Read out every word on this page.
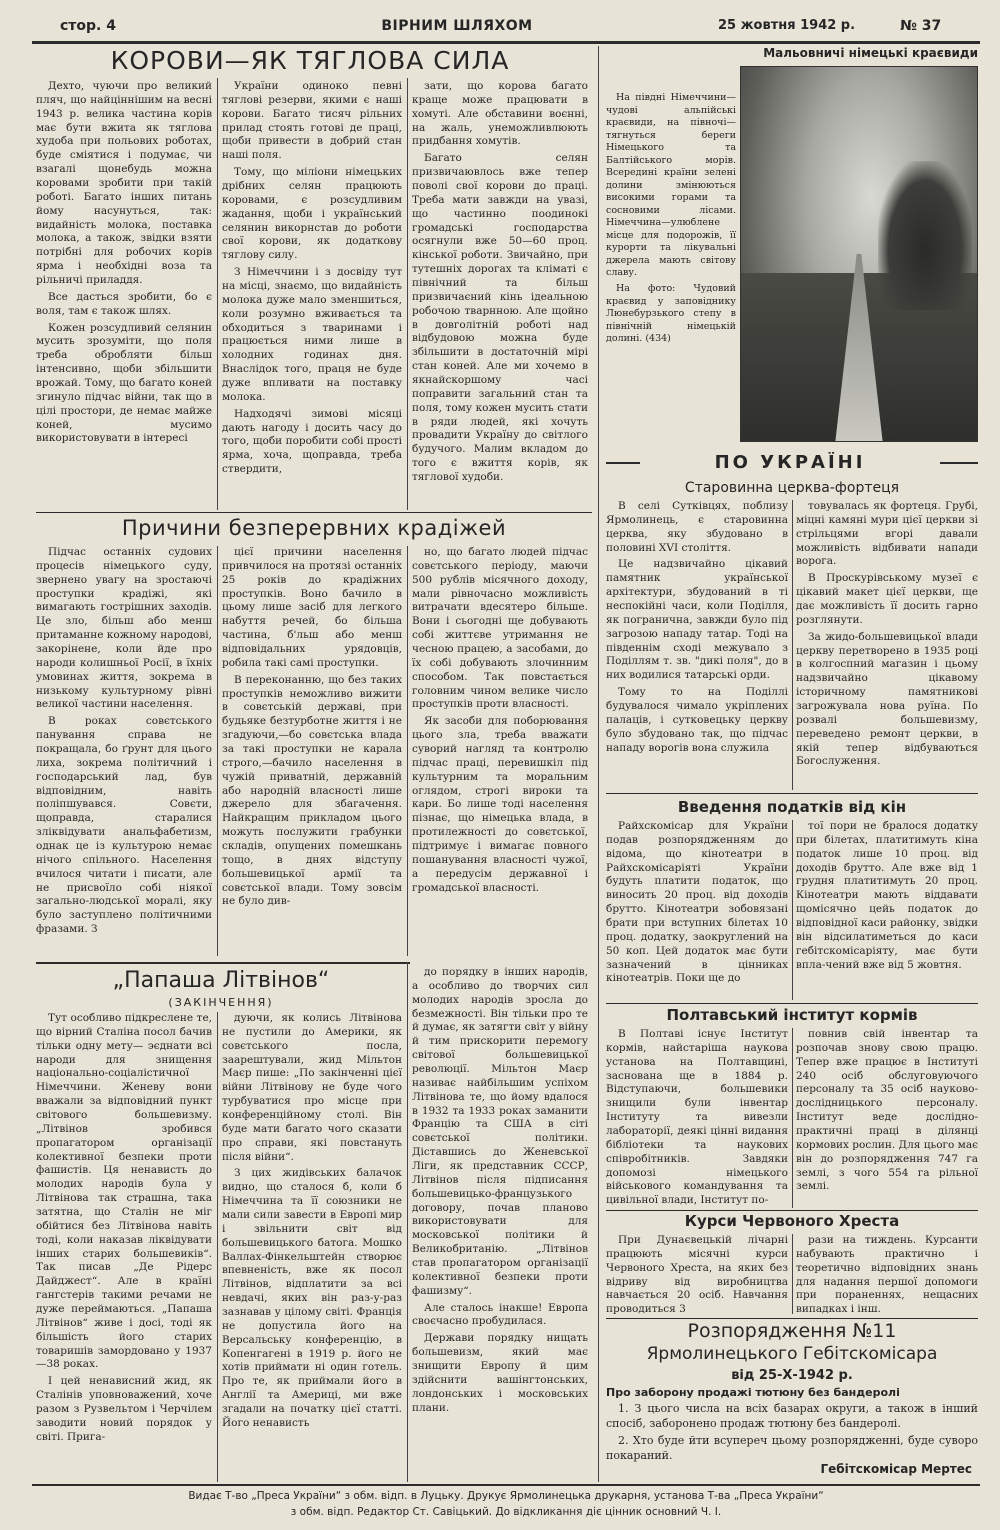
стор. 4	ВІРНИМ ШЛЯХОМ	25 жовтня 1942 р.	№ 37
КОРОВИ—ЯК ТЯГЛОВА СИЛА

Дехто, чуючи про великий пляч, що найціннішим на весні 1943 р. велика частина корів має бути вжита як тяглова худоба при польових роботах, буде сміятися і подумає, чи взагалі щонебудь можна коровами зробити при такій роботі. Багато інших питань йому насунуться, так: видайність молока, поставка молока, а також, звідки взяти потрібні для робочих корів ярма і необхідні воза та рільничі приладдя.

Все дасться зробити, бо є воля, там є також шлях.

Кожен розсудливий селянин мусить зрозуміти, що поля треба обробляти більш інтенсивно, щоби збільшити врожай. Тому, що багато коней згинуло підчас війни, так що в цілі простори, де немає майже коней, мусимо використовувати в інтересі

України одиноко певні тяглові резерви, якими є наші корови. Багато тисяч рільних прилад стоять готові де праці, щоби привести в добрий стан наші поля.

Тому, що міліони німецьких дрібних селян працюють коровами, є розсудливим жадання, щоби і український селянин викорнстав до роботи свої корови, як додаткову тяглову силу.

З Німеччини і з досвіду тут на місці, знаємо, що видайність молока дуже мало зменшиться, коли розумно вживається та обходиться з тваринами і працюється ними лише в холодних годинах дня. Внаслідок того, праця не буде дуже впливати на поставку молока.

Надходячі зимові місяці дають нагоду і досить часу до того, щоби поробити собі прості ярма, хоча, щоправда, треба ствердити,

зати, що корова багато краще може працювати в хомуті. Але обставини воєнні, на жаль, унеможливлюють придбання хомутів.

Багато селян призвичаювлось вже тепер поволі свої корови до праці. Треба мати завжди на увазі, що частинно поодинокі громадські господарства осягнули вже 50—60 проц. кінської роботи. Звичайно, при тутешніх дорогах та кліматі є північний та більш призвичаєний кінь ідеальною робочою тварнною. Але щойно в довголітній роботі над відбудовою можна буде збільшити в достаточній мірі стан коней. Але ми хочемо в якнайскоршому часі поправити загальний стан та поля, тому кожен мусить стати в ряди людей, які хочуть провадити Україну до світлого будучого. Малим вкладом до того є вжиття корів, як тяглової худоби.

Мальовничі німецькі краєвиди

На півдні Німеччини—чудові альпійські краєвиди, на півночі— тягнуться береги Німецького та Балтійського морів. Всередині країни зелені долини змінюються високими горами та сосновими лісами. Німеччина—улюблене місце для подорожів, її курорти та лікувальні джерела мають світову славу.

На фото: Чудовий краєвид у заповіднику Люнебурзького степу в північній німецькій долині. (434)

ПО УКРАЇНІ
Старовинна церква-фортеця

В селі Сутківцях, поблизу Ярмолинець, є старовинна церква, яку збудовано в половині XVI століття.

Це надзвичайно цікавий памятник української архітектури, збудований в ті неспокійні часи, коли Поділля, як погранична, завжди було під загрозою нападу татар. Тоді на південнім сході межувало з Поділлям т. зв. "дикі поля", до в них водилися татарські орди.

Тому то на Поділлі будувалося чимало укріплених палаців, і сутковецьку церкву було збудовано так, що підчас нападу ворогів вона служила

товувалась як фортеця. Грубі, міцні камяні мури цієї церкви зі стрільцями вгорі давали можливість відбивати напади ворога.

В Проскурівському музеї є цікавий макет цієї церкви, ще дає можливість її досить гарно розглянути.

За жидо-большевицької влади церкву перетворено в 1935 році в колгоспний магазин і цьому надзвичайно цікавому історичному памятникові загрожувала нова руїна. По розвалі большевизму, переведено ремонт церкви, в якій тепер відбуваються Богослуження.

Введення податків від кін

Райхскомісар для України подав розпорядженням до відома, що кінотеатри в Райхскомісаріяті України будуть платити податок, що виносить 20 проц. від доходів брутто. Кінотеатри зобовязані брати при вступних білетах 10 проц. додатку, заокруглений на 50 коп. Цей додаток має бути зазначений в цінниках кінотеатрів. Поки ще до

тої пори не бралося додатку при білетах, платитимуть кіна податок лише 10 проц. від доходів брутто. Але вже від 1 грудня платитимуть 20 проц. Кінотеатри мають віддавати щомісячно цейь податок до відповідної каси районку, звідки він відсилатиметься до каси гебітскомісаріяту, має бути впла-чений вже від 5 жовтня.

Полтавський інститут кормів

В Полтаві існує Інститут кормів, найстаріша наукова установа на Полтавщині, заснована ще в 1884 р. Відступаючи, большевики знищили були інвентар Інституту та вивезли лабораторії, деякі цінні видання бібліотеки та наукових співробітників. Завдяки допомозі німецького військового командування та цивільної влади, Інститут по-

повнив свій інвентар та розпочав знову свою працю. Тепер вже працює в Інституті 240 осіб обслуговуючого персоналу та 35 осіб науково-дослідницького персоналу. Інститут веде дослідно-практичні праці в ділянці кормових рослин. Для цього має він до розпорядження 747 га землі, з чого 554 га рільної землі.

Курси Червоного Хреста

При Дунаєвецькій лічарні працюють місячні курси Червоного Хреста, на яких без відриву від виробництва навчається 20 осіб. Навчання проводиться 3

рази на тиждень. Курсанти набувають практично і теоретично відповідних знань для надання першої допомоги при пораненнях, нещасних випадках і інш.

Розпорядження №11
Ярмолинецького Гебітскомісара
від 25-Х-1942 р.
Про заборону продажі тютюну без бандеролі

1. З цього числа на всіх базарах округи, а також в інший спосіб, заборонено продаж тютюну без бандеролі.

2. Хто буде йти всупереч цьому розпорядженні, буде суворо покараний.

Гебітскомісар Мертес
Причини безперервних крадіжей

Підчас останніх судових процесів німецького суду, звернено увагу на зростаючі проступки крадіжі, які вимагають гострішних заходів. Це зло, більш або менш притаманне кожному народові, закорінене, коли йде про народи колишньої Росії, в їхніх умовинах життя, зокрема в низькому культурному рівні великої частини населення.

В роках совєтського панування справа не покращала, бо ґрунт для цього лиха, зокрема політичний і господарський лад, був відповідним, навіть поліпшувався. Совєти, щоправда, старалися зліквідувати анальфабетизм, однак це із культурою немає нічого спільного. Населення вчилося читати і писати, але не присвоїло собі ніякої загально-людської моралі, яку було заступлено політичними фразами. З

цієї причини населення привчилося на протязі останніх 25 років до крадіжних проступків. Воно бачило в цьому лише засіб для легкого набуття речей, бо більша частина, б'льш або менш відповідальних урядовців, робила такі самі проступки.

В переконанню, що без таких проступків неможливо вижити в совєтській державі, при будьяке безтурботне життя і не згадуючи,—бо совєтська влада за такі проступки не карала строго,—бачило населення в чужій приватній, державній або народній власності лише джерело для збагачення. Найкращим прикладом цього можуть послужити грабунки складів, опущених помешкань тощо, в днях відступу большевицької армії та совєтської влади. Тому зовсім не було див-

но, що багато людей підчас совєтського періоду, маючи 500 рублів місячного доходу, мали рівночасно можливість витрачати вдесятеро більше. Вони і сьогодні ще добувають собі життєве утримання не чесною працею, а засобами, до їх собі добувають злочинним способом. Так повстається головним чином велике число проступків проти власності.

Як засоби для поборювання цього зла, треба вважати суворий нагляд та контролю підчас праці, перевишкіл під культурним та моральним оглядом, строгі вироки та кари. Бо лише тоді населення пізнає, що німецька влада, в протилежності до совєтської, підтримує і вимагає повного пошанування власності чужої, а передусім державної і громадської власності.

„Папаша Літвінов“
(ЗАКІНЧЕННЯ)

Тут особливо підкреслене те, що вірний Сталіна посол бачив тільки одну мету— эєднати всі народи для знищення національно-соціалістичної Німеччини. Женеву вони вважали за відповідний пункт світового большевизму. „Літвінов зробився пропагатором організації колективної безпеки проти фашистів. Ця ненависть до молодих народів була у Літвінова так страшна, така затятна, що Сталін не міг обійтися без Літвінова навіть тоді, коли наказав ліквідувати інших старих большевиків“. Так писав „Де Рідерс Дайджест“. Але в країні гангстерів такими речами не дуже переймаються. „Папаша Літвінов“ живе і досі, тоді як більшість його старих товаришів замордовано у 1937—38 роках.

І цей ненависний жид, як Сталінів уповноважений, хоче разом з Рузвельтом і Черчілем заводити новий порядок у світі. Прига-

дуючи, як колись Літвінова не пустили до Америки, як совєтського посла, заарештували, жид Мільтон Маєр пише: „По закінченні цієї війни Літвінову не буде чого турбуватися про місце при конференційному столі. Він буде мати багато чого сказати про справи, які повстануть після війни“.

З цих жидівських балачок видно, що сталося б, коли б Німеччина та її союзники не мали сили завести в Европі мир і звільнити світ від большевицького батога. Мошко Валлах-Фінкельштейн створює впевненість, вже як посол Літвінов, відплатити за всі невдачі, яких він раз-у-раз зазнавав у цілому світі. Франція не допустила його на Версальську конференцію, в Копенгагені в 1919 р. його не хотів приймати ні один готель. Про те, як приймали його в Англії та Америці, ми вже згадали на початку цієї статті. Його ненависть

до порядку в інших народів, а особливо до творчих сил молодих народів зросла до безмежності. Він тільки про те й думає, як затягти світ у війну й тим прискорити перемогу світової большевицької революції. Мільтон Маєр називає найбільшим успіхом Літвінова те, що йому вдалося в 1932 та 1933 роках заманити Францію та США в сіті совєтської політики. Діставшись до Женевської Ліги, як представник СССР, Літвінов після підписання большевицько-французького договору, почав планово використовувати для московської політики й Великобританію. „Літвінов став пропагатором організації колективної безпеки проти фашизму“.

Але сталось інакше! Европа своєчасно пробудилася.

Держави порядку нищать большевизм, який має знищити Европу й цим здійснити вашінгтонських, лондонських і московських плани.

Видає Т-во „Преса України“ з обм. відп. в Луцьку. Друкує Ярмолинецька друкарня, установа Т-ва „Преса України“
з обм. відп. Редактор Ст. Савіцький. До відкликання діє цінник основний Ч. І.
